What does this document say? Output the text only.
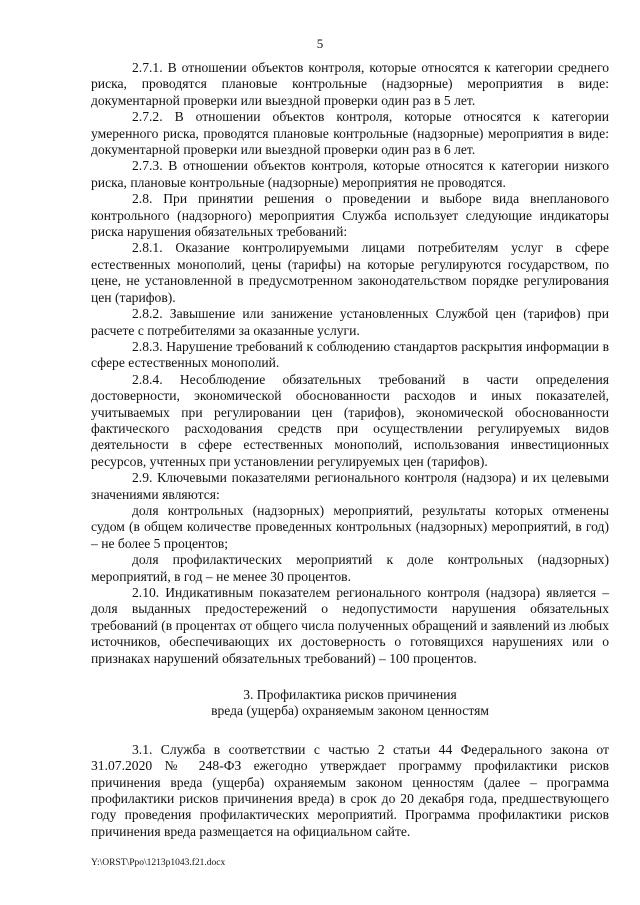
5

2.7.1. В отношении объектов контроля, которые относятся к категории среднего риска, проводятся плановые контрольные (надзорные) мероприятия в виде: документарной проверки или выездной проверки один раз в 5 лет.

2.7.2. В отношении объектов контроля, которые относятся к категории умеренного риска, проводятся плановые контрольные (надзорные) мероприятия в виде: документарной проверки или выездной проверки один раз в 6 лет.

2.7.3. В отношении объектов контроля, которые относятся к категории низкого риска, плановые контрольные (надзорные) мероприятия не проводятся.

2.8. При принятии решения о проведении и выборе вида внепланового контрольного (надзорного) мероприятия Служба использует следующие индикаторы риска нарушения обязательных требований:

2.8.1. Оказание контролируемыми лицами потребителям услуг в сфере естественных монополий, цены (тарифы) на которые регулируются государством, по цене, не установленной в предусмотренном законодательством порядке регулирования цен (тарифов).

2.8.2. Завышение или занижение установленных Службой цен (тарифов) при расчете с потребителями за оказанные услуги.

2.8.3. Нарушение требований к соблюдению стандартов раскрытия информации в сфере естественных монополий.

2.8.4. Несоблюдение обязательных требований в части определения достоверности, экономической обоснованности расходов и иных показателей, учитываемых при регулировании цен (тарифов), экономической обоснованности фактического расходования средств при осуществлении регулируемых видов деятельности в сфере естественных монополий, использования инвестиционных ресурсов, учтенных при установлении регулируемых цен (тарифов).

2.9. Ключевыми показателями регионального контроля (надзора) и их целевыми значениями являются:

доля контрольных (надзорных) мероприятий, результаты которых отменены судом (в общем количестве проведенных контрольных (надзорных) мероприятий, в год) – не более 5 процентов;

доля профилактических мероприятий к доле контрольных (надзорных) мероприятий, в год – не менее 30 процентов.

2.10. Индикативным показателем регионального контроля (надзора) является – доля выданных предостережений о недопустимости нарушения обязательных требований (в процентах от общего числа полученных обращений и заявлений из любых источников, обеспечивающих их достоверность о готовящихся нарушениях или о признаках нарушений обязательных требований) – 100 процентов.

3. Профилактика рисков причинения

вреда (ущерба) охраняемым законом ценностям

3.1. Служба в соответствии с частью 2 статьи 44 Федерального закона от 31.07.2020 № 248-ФЗ ежегодно утверждает программу профилактики рисков причинения вреда (ущерба) охраняемым законом ценностям (далее – программа профилактики рисков причинения вреда) в срок до 20 декабря года, предшествующего году проведения профилактических мероприятий. Программа профилактики рисков причинения вреда размещается на официальном сайте.

Y:\ORST\Ppo\1213p1043.f21.docx
